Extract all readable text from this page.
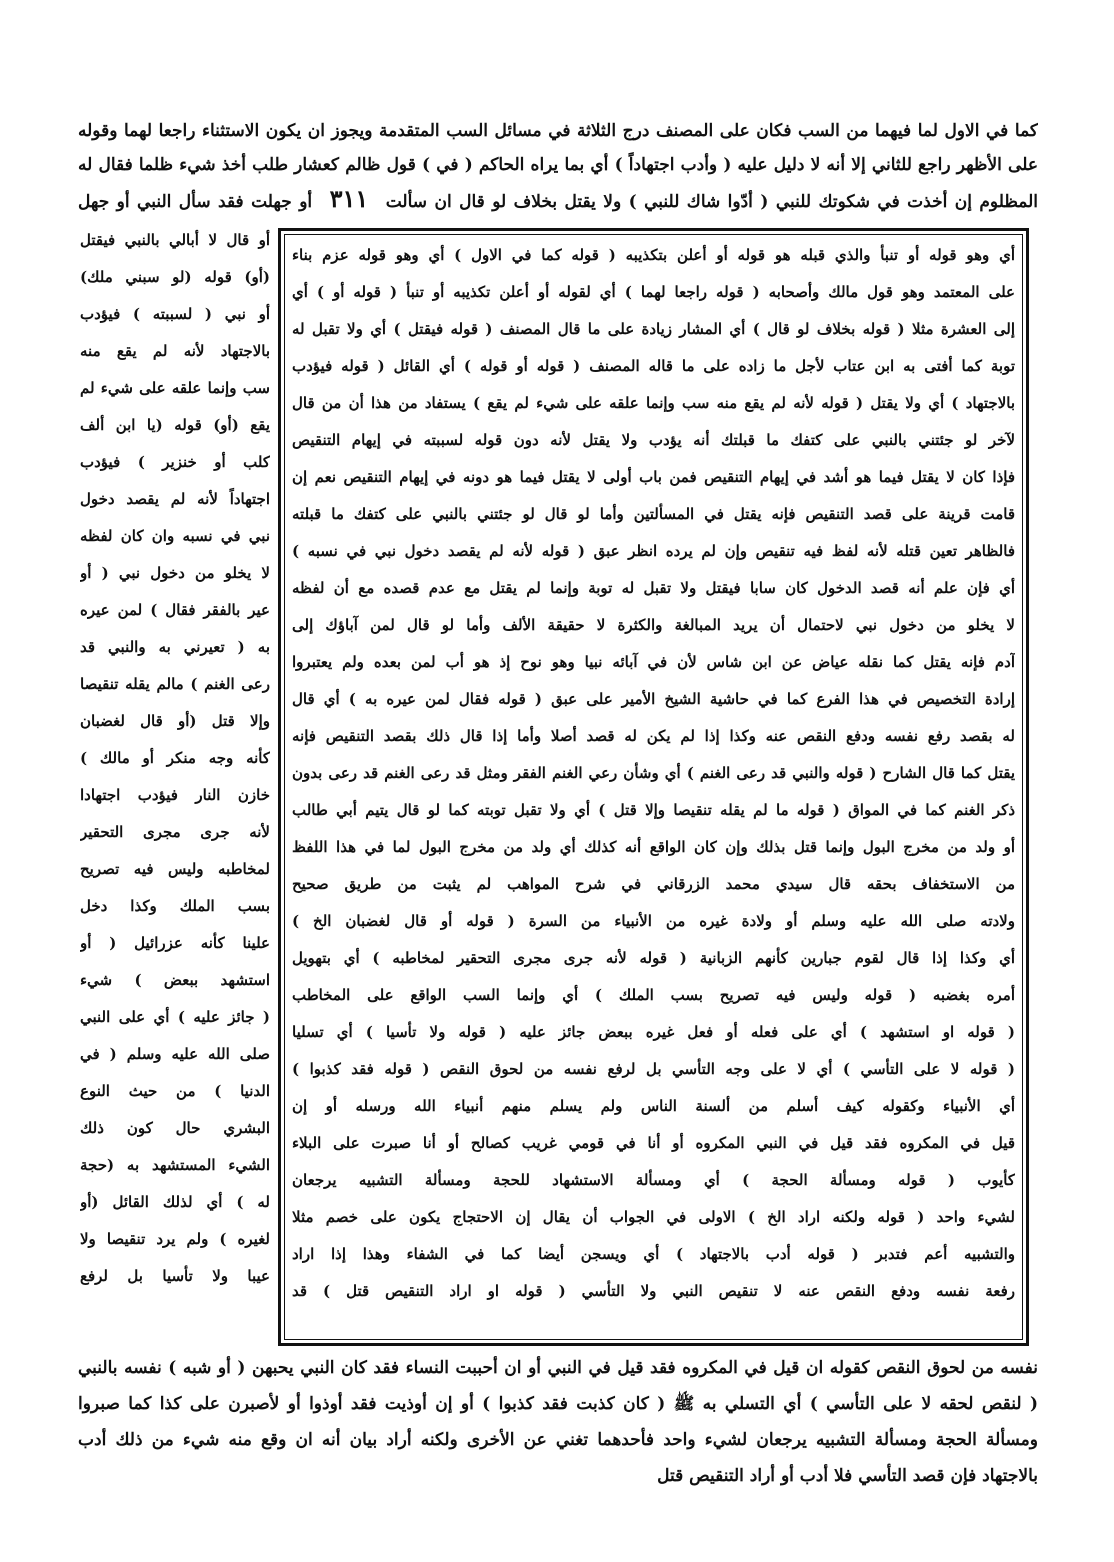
كما في الاول لما فيهما من السب فكان على المصنف درج الثلاثة في مسائل السب المتقدمة ويجوز ان يكون الاستثناء راجعا لهما وقوله
على الأظهر راجع للثاني إلا أنه لا دليل عليه ( وأدب اجتهاداً ) أي بما يراه الحاكم ( في ) قول ظالم كعشار طلب أخذ شيء ظلما فقال له
المظلوم إن أخذت في شكوتك للنبي ( أدّوا شاك للنبي ) ولا يقتل بخلاف لو قال ان سألت ٣١١ أو جهلت فقد سأل النبي أو جهل
أي وهو قوله أو تنبأ والذي قبله هو قوله أو أعلن بتكذيبه ( قوله كما في الاول ) أي وهو قوله عزم بناء
على المعتمد وهو قول مالك وأصحابه ( قوله راجعا لهما ) أي لقوله أو أعلن تكذيبه أو تنبأ ( قوله أو ) أي
إلى العشرة مثلا ( قوله بخلاف لو قال ) أي المشار زيادة على ما قال المصنف ( قوله فيقتل ) أي ولا تقبل له
توبة كما أفتى به ابن عتاب لأجل ما زاده على ما قاله المصنف ( قوله أو قوله ) أي القائل ( قوله فيؤدب
بالاجتهاد ) أي ولا يقتل ( قوله لأنه لم يقع منه سب وإنما علقه على شيء لم يقع ) يستفاد من هذا أن من قال
لآخر لو جئتني بالنبي على كتفك ما قبلتك أنه يؤدب ولا يقتل لأنه دون قوله لسببته في إيهام التنقيص
فإذا كان لا يقتل فيما هو أشد في إيهام التنقيص فمن باب أولى لا يقتل فيما هو دونه في إيهام التنقيص نعم إن
قامت قرينة على قصد التنقيص فإنه يقتل في المسألتين وأما لو قال لو جئتني بالنبي على كتفك ما قبلته
فالظاهر تعين قتله لأنه لفظ فيه تنقيص وإن لم يرده انظر عبق ( قوله لأنه لم يقصد دخول نبي في نسبه )
أي فإن علم أنه قصد الدخول كان سابا فيقتل ولا تقبل له توبة وإنما لم يقتل مع عدم قصده مع أن لفظه
لا يخلو من دخول نبي لاحتمال أن يريد المبالغة والكثرة لا حقيقة الألف وأما لو قال لمن آباؤك إلى
آدم فإنه يقتل كما نقله عياض عن ابن شاس لأن في آبائه نبيا وهو نوح إذ هو أب لمن بعده ولم يعتبروا
إرادة التخصيص في هذا الفرع كما في حاشية الشيخ الأمير على عبق ( قوله فقال لمن عيره به ) أي قال
له بقصد رفع نفسه ودفع النقص عنه وكذا إذا لم يكن له قصد أصلا وأما إذا قال ذلك بقصد التنقيص فإنه
يقتل كما قال الشارح ( قوله والنبي قد رعى الغنم ) أي وشأن رعي الغنم الفقر ومثل قد رعى الغنم قد رعى بدون
ذكر الغنم كما في المواق ( قوله ما لم يقله تنقيصا وإلا قتل ) أي ولا تقبل توبته كما لو قال يتيم أبي طالب
أو ولد من مخرج البول وإنما قتل بذلك وإن كان الواقع أنه كذلك أي ولد من مخرج البول لما في هذا اللفظ
من الاستخفاف بحقه قال سيدي محمد الزرقاني في شرح المواهب لم يثبت من طريق صحيح
ولادته صلى الله عليه وسلم أو ولادة غيره من الأنبياء من السرة ( قوله أو قال لغضبان الخ )
أي وكذا إذا قال لقوم جبارين كأنهم الزبانية ( قوله لأنه جرى مجرى التحقير لمخاطبه ) أي بتهويل
أمره بغضبه ( قوله وليس فيه تصريح بسب الملك ) أي وإنما السب الواقع على المخاطب
( قوله او استشهد ) أي على فعله أو فعل غيره ببعض جائز عليه ( قوله ولا تأسيا ) أي تسليا
( قوله لا على التأسي ) أي لا على وجه التأسي بل لرفع نفسه من لحوق النقص ( قوله فقد كذبوا )
أي الأنبياء وكقوله كيف أسلم من ألسنة الناس ولم يسلم منهم أنبياء الله ورسله أو إن
قيل في المكروه فقد قيل في النبي المكروه أو أنا في قومي غريب كصالح أو أنا صبرت على البلاء
كأيوب ( قوله ومسألة الحجة ) أي ومسألة الاستشهاد للحجة ومسألة التشبيه يرجعان
لشيء واحد ( قوله ولكنه اراد الخ ) الاولى في الجواب أن يقال إن الاحتجاج يكون على خصم مثلا
والتشبيه أعم فتدبر ( قوله أدب بالاجتهاد ) أي ويسجن أيضا كما في الشفاء وهذا إذا اراد
رفعة نفسه ودفع النقص عنه لا تنقيص النبي ولا التأسي ( قوله او اراد التنقيص قتل ) قد
أو قال لا أبالي بالنبي فيقتل
(أو) قوله (لو سبني ملك)
أو نبي ( لسببته ) فيؤدب
بالاجتهاد لأنه لم يقع منه
سب وإنما علقه على شيء لم
يقع (أو) قوله (يا ابن ألف
كلب أو خنزير ) فيؤدب
اجتهاداً لأنه لم يقصد دخول
نبي في نسبه وان كان لفظه
لا يخلو من دخول نبي ( أو
عير بالفقر فقال ) لمن عيره
به ( تعيرني به والنبي قد
رعى الغنم ) مالم يقله تنقيصا
وإلا قتل (أو قال لغضبان
كأنه وجه منكر أو مالك )
خازن النار فيؤدب اجتهادا
لأنه جرى مجرى التحقير
لمخاطبه وليس فيه تصريح
بسب الملك وكذا دخل
علينا كأنه عزرائيل ( أو
استشهد ببعض ) شيء
( جائز عليه ) أي على النبي
صلى الله عليه وسلم ( في
الدنيا ) من حيث النوع
البشري حال كون ذلك
الشيء المستشهد به (حجة
له ) أي لذلك القائل (أو
لغيره ) ولم يرد تنقيصا ولا
عيبا ولا تأسيا بل لرفع
نفسه من لحوق النقص كقوله ان قيل في المكروه فقد قيل في النبي أو ان أحببت النساء فقد كان النبي يحبهن ( أو شبه ) نفسه بالنبي
( لنقص لحقه لا على التأسي ) أي التسلي به ﷺ ( كان كذبت فقد كذبوا ) أو إن أوذيت فقد أوذوا أو لأصبرن على كذا كما صبروا
ومسألة الحجة ومسألة التشبيه يرجعان لشيء واحد فأحدهما تغني عن الأخرى ولكنه أراد بيان أنه ان وقع منه شيء من ذلك أدب
بالاجتهاد فإن قصد التأسي فلا أدب أو أراد التنقيص قتل
